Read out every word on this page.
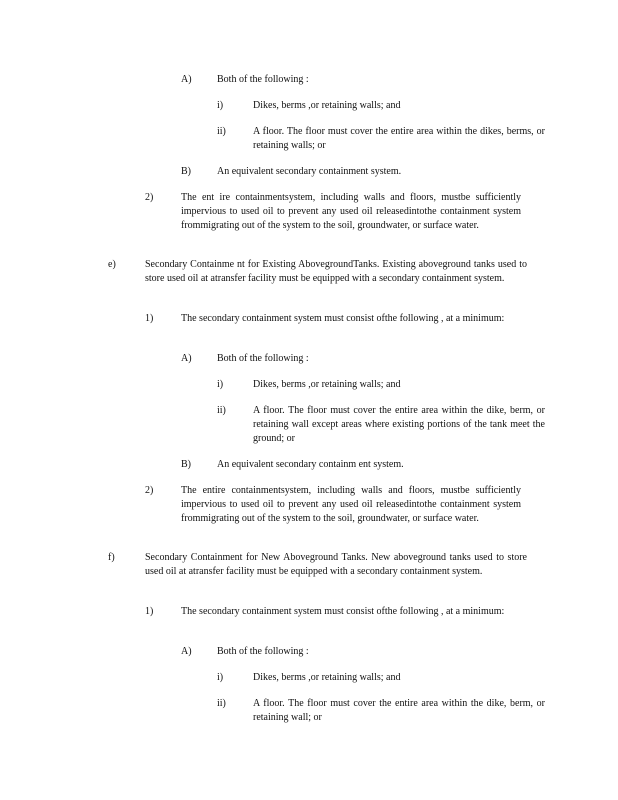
A)	Both of the following :
i)	Dikes, berms ,or retaining walls; and
ii)	A floor. The floor must cover the entire area within the dikes, berms, or retaining walls; or
B)	An equivalent secondary containment system.
2)	The ent ire containmentsystem, including walls and floors, mustbe sufficiently impervious to used oil to prevent any used oil releasedintothe containment system frommigrating out of the system to the soil, groundwater, or surface water.
e)	Secondary Containme nt for Existing AbovegroundTanks. Existing aboveground tanks used to store used oil at atransfer facility must be equipped with a secondary containment system.
1)	The secondary containment system must consist ofthe following , at a minimum:
A)	Both of the following :
i)	Dikes, berms ,or retaining walls; and
ii)	A floor. The floor must cover the entire area within the dike, berm, or retaining wall except areas where existing portions of the tank meet the ground; or
B)	An equivalent secondary containm ent system.
2)	The entire containmentsystem, including walls and floors, mustbe sufficiently impervious to used oil to prevent any used oil releasedintothe containment system frommigrating out of the system to the soil, groundwater, or surface water.
f)	Secondary Containment for New Aboveground Tanks. New aboveground tanks used to store used oil at atransfer facility must be equipped with a secondary containment system.
1)	The secondary containment system must consist ofthe following , at a minimum:
A)	Both of the following :
i)	Dikes, berms ,or retaining walls; and
ii)	A floor. The floor must cover the entire area within the dike, berm, or retaining wall; or
